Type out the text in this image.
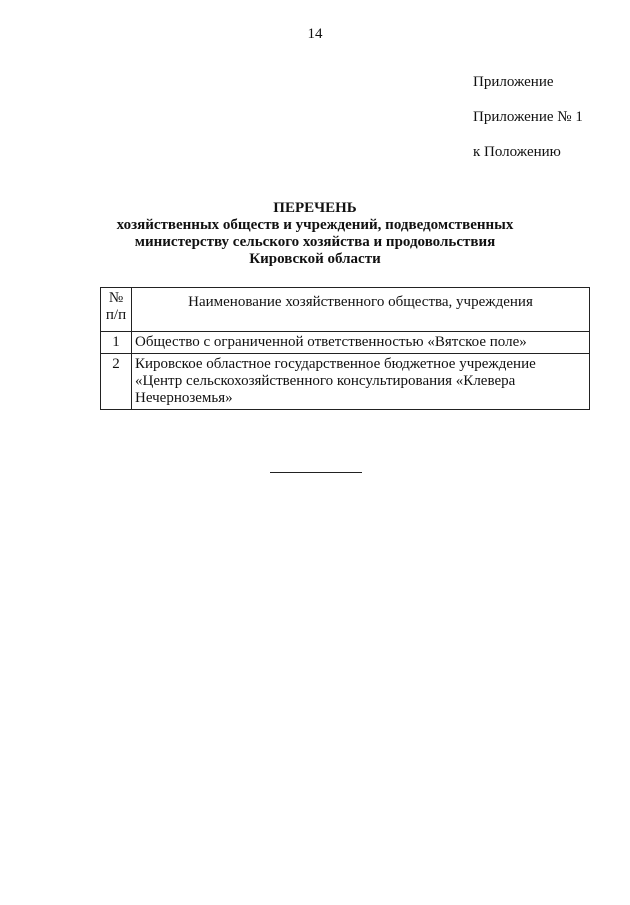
14
Приложение
Приложение № 1
к Положению
ПЕРЕЧЕНЬ
хозяйственных обществ и учреждений, подведомственных
министерству сельского хозяйства и продовольствия
Кировской области
№
п/п	Наименование хозяйственного общества, учреждения
1	Общество с ограниченной ответственностью «Вятское поле»
2	Кировское областное государственное бюджетное учреждение «Центр сельскохозяйственного консультирования «Клевера Нечерноземья»
